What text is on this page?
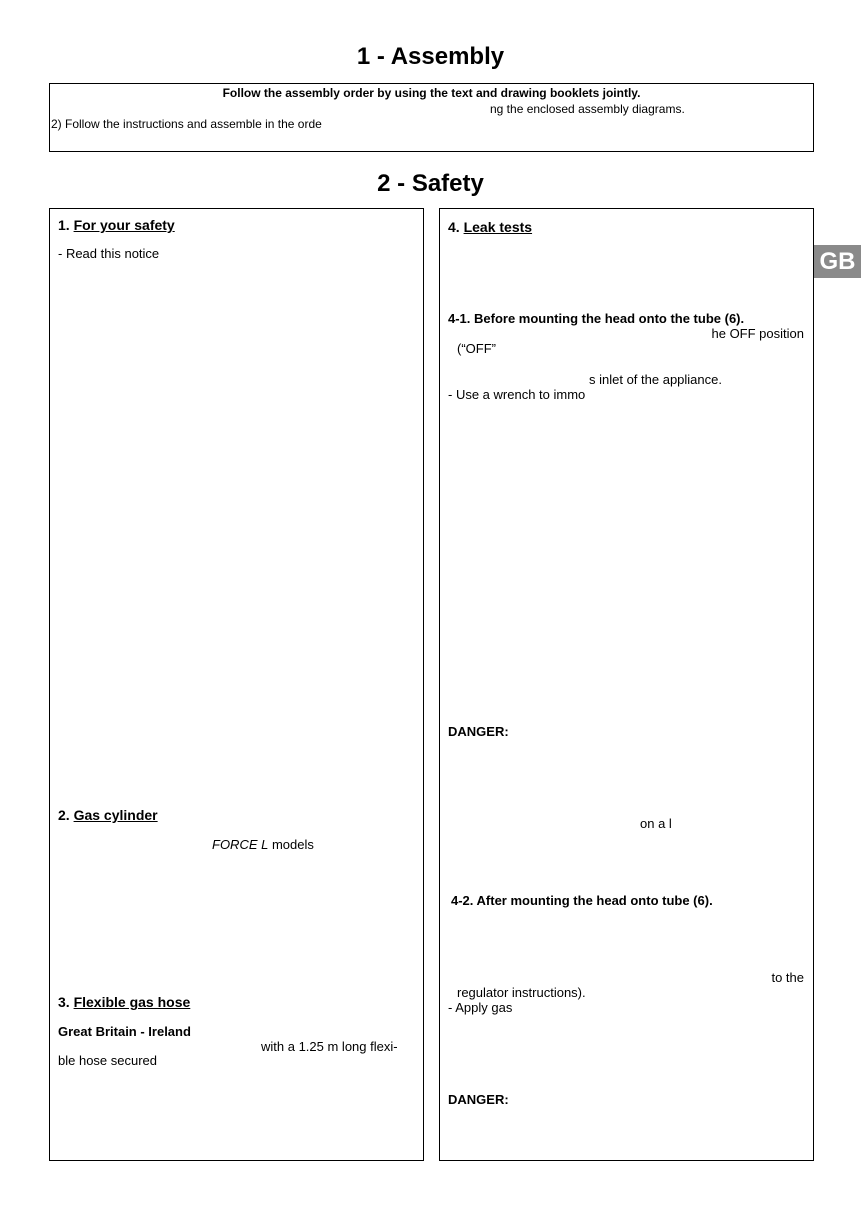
1 - Assembly
Follow the assembly order by using the text and drawing booklets jointly.
ng the enclosed assembly diagrams.
2) Follow the instructions and assemble in the orde
2 - Safety
1. For your safety
- Read this notice
2. Gas cylinder
FORCE L models
3. Flexible gas hose
Great Britain - Ireland
with a 1.25 m long flexi-
ble hose secured
4. Leak tests
4-1. Before mounting the head onto the tube (6).
he OFF position
(“OFF”
s inlet of the appliance.
- Use a wrench to immo
DANGER:
on a l
4-2. After mounting the head onto tube (6).
to the
regulator instructions).
- Apply gas
DANGER:
GB
